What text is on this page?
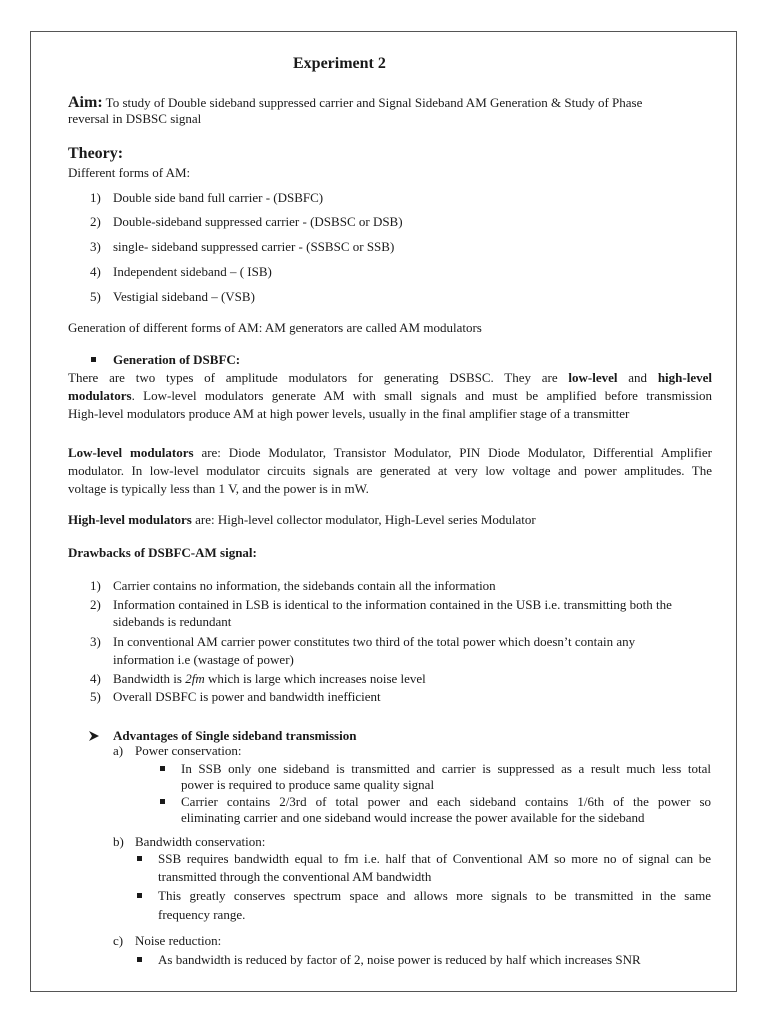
Experiment 2
Aim: To study of Double sideband suppressed carrier and Signal Sideband AM Generation & Study of Phase
reversal in DSBSC signal
Theory:
Different forms of AM:
1) Double side band full carrier - (DSBFC)
2) Double-sideband suppressed carrier - (DSBSC or DSB)
3) single- sideband suppressed carrier - (SSBSC or SSB)
4) Independent sideband – ( ISB)
5) Vestigial sideband – (VSB)
Generation of different forms of AM: AM generators are called AM modulators
Generation of DSBFC:
There are two types of amplitude modulators for generating DSBSC. They are low-level and high-level
modulators. Low-level modulators generate AM with small signals and must be amplified before transmission
High-level modulators produce AM at high power levels, usually in the final amplifier stage of a transmitter
Low-level modulators are: Diode Modulator, Transistor Modulator, PIN Diode Modulator, Differential Amplifier
modulator. In low-level modulator circuits signals are generated at very low voltage and power amplitudes. The
voltage is typically less than 1 V, and the power is in mW.
High-level modulators are: High-level collector modulator, High-Level series Modulator
Drawbacks of DSBFC-AM signal:
1) Carrier contains no information, the sidebands contain all the information
2) Information contained in LSB is identical to the information contained in the USB i.e. transmitting both the
sidebands is redundant
3) In conventional AM carrier power constitutes two third of the total power which doesn’t contain any
information i.e (wastage of power)
4) Bandwidth is 2fm which is large which increases noise level
5) Overall DSBFC is power and bandwidth inefficient
Advantages of Single sideband transmission
a) Power conservation:
In SSB only one sideband is transmitted and carrier is suppressed as a result much less total
power is required to produce same quality signal
Carrier contains 2/3rd of total power and each sideband contains 1/6th of the power so
eliminating carrier and one sideband would increase the power available for the sideband
b) Bandwidth conservation:
SSB requires bandwidth equal to fm i.e. half that of Conventional AM so more no of signal can be
transmitted through the conventional AM bandwidth
This greatly conserves spectrum space and allows more signals to be transmitted in the same
frequency range.
c) Noise reduction:
As bandwidth is reduced by factor of 2, noise power is reduced by half which increases SNR
